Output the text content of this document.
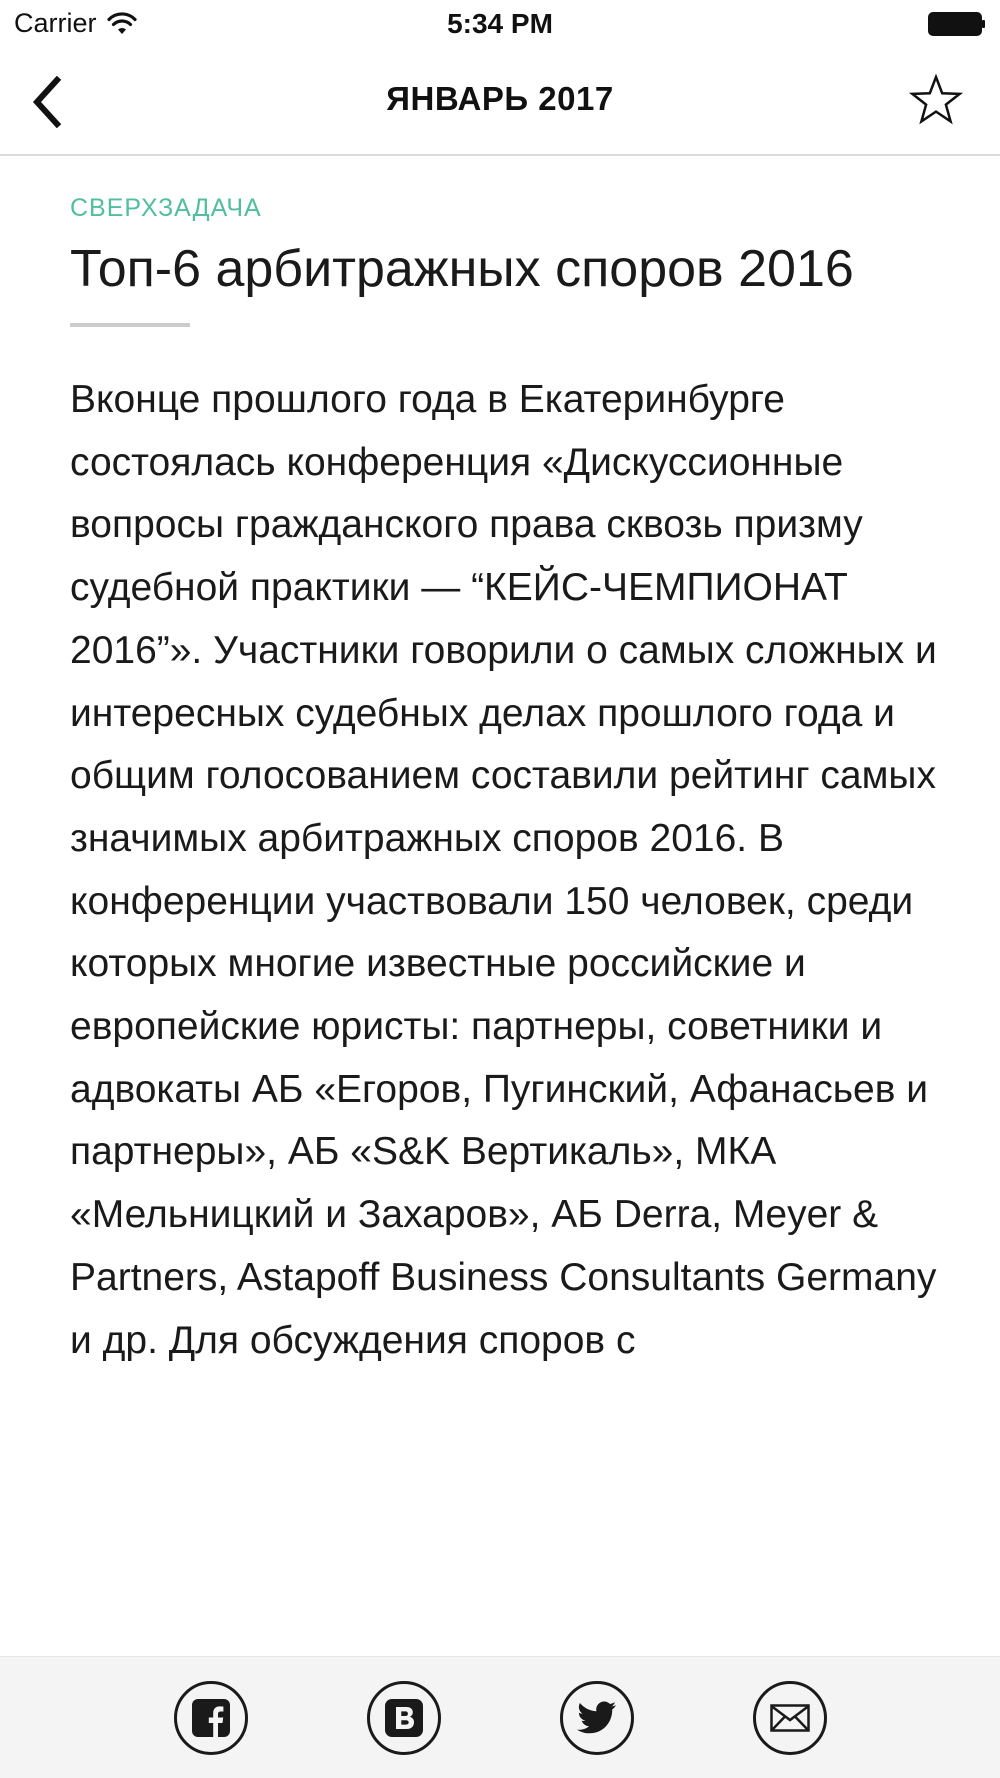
Carrier	5:34 PM
ЯНВАРЬ 2017
СВЕРХЗАДАЧА
Топ-6 арбитражных споров 2016
Вконце прошлого года в Екатеринбурге состоялась конференция «Дискуссионные вопросы гражданского права сквозь призму судебной практики — “КЕЙС-ЧЕМПИОНАТ 2016”». Участники говорили о самых сложных и интересных судебных делах прошлого года и общим голосованием составили рейтинг самых значимых арбитражных споров 2016. В конференции участвовали 150 человек, среди которых многие известные российские и европейские юристы: партнеры, советники и адвокаты АБ «Егоров, Пугинский, Афанасьев и партнеры», АБ «S&K Вертикаль», МКА «Мельницкий и Захаров», АБ Derra, Meyer & Partners, Astapoff Business Consultants Germany и др. Для обсуждения споров с
